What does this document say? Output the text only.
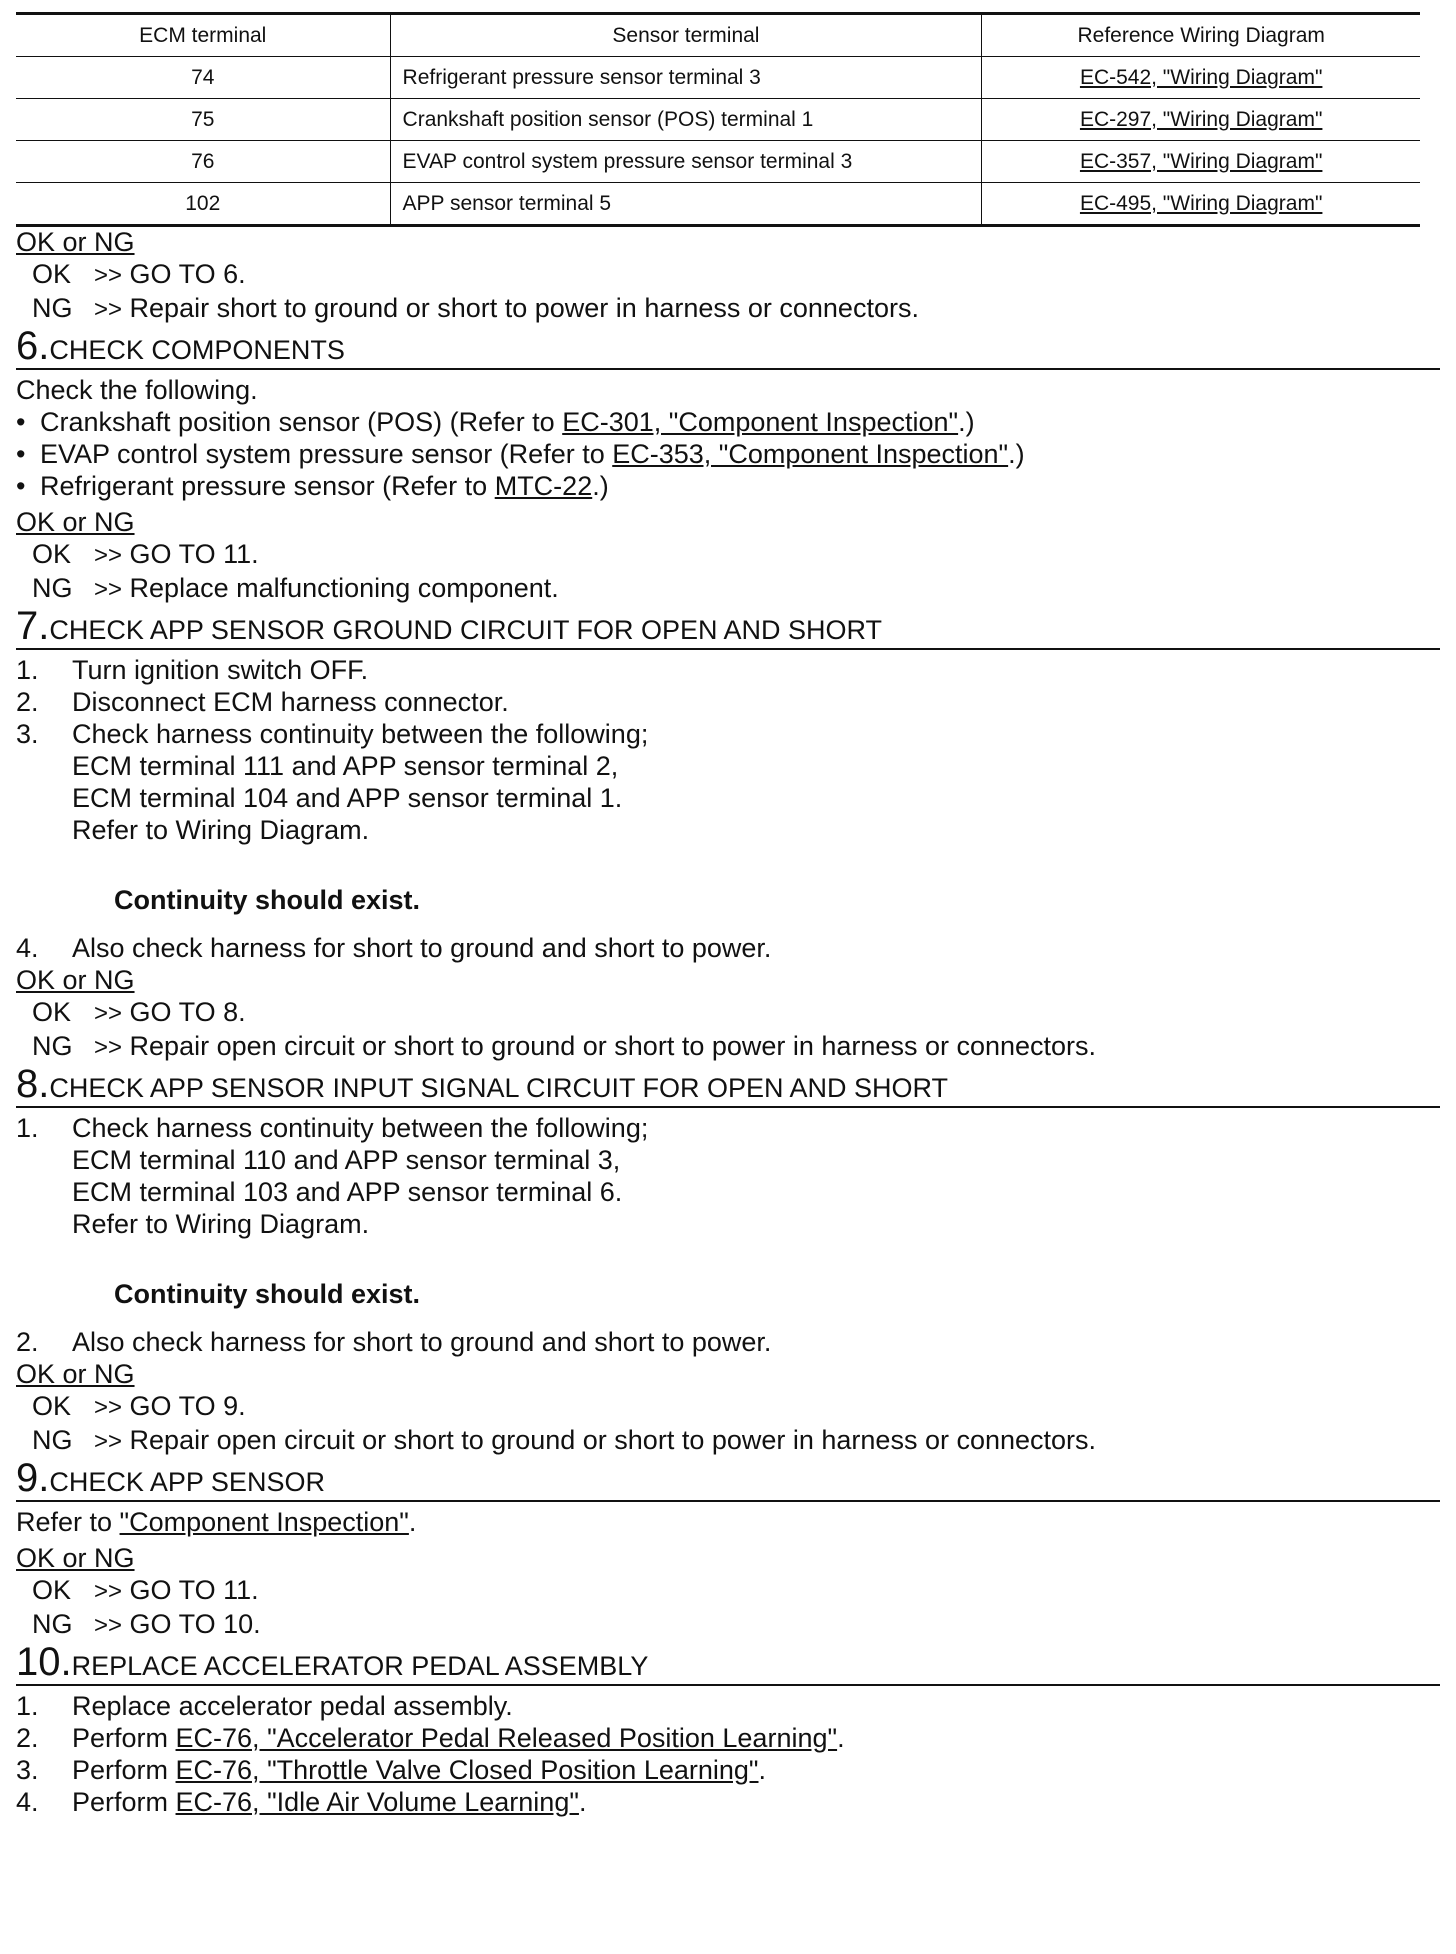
ECM terminal	Sensor terminal	Reference Wiring Diagram
74	Refrigerant pressure sensor terminal 3	EC-542, "Wiring Diagram"
75	Crankshaft position sensor (POS) terminal 1	EC-297, "Wiring Diagram"
76	EVAP control system pressure sensor terminal 3	EC-357, "Wiring Diagram"
102	APP sensor terminal 5	EC-495, "Wiring Diagram"
OK or NG
OK >> GO TO 6.
NG >> Repair short to ground or short to power in harness or connectors.
6.CHECK COMPONENTS
Check the following.
• Crankshaft position sensor (POS) (Refer to EC-301, "Component Inspection".)
• EVAP control system pressure sensor (Refer to EC-353, "Component Inspection".)
• Refrigerant pressure sensor (Refer to MTC-22.)
OK or NG
OK >> GO TO 11.
NG >> Replace malfunctioning component.
7.CHECK APP SENSOR GROUND CIRCUIT FOR OPEN AND SHORT
1.	Turn ignition switch OFF.
2.	Disconnect ECM harness connector.
3.	Check harness continuity between the following;
ECM terminal 111 and APP sensor terminal 2,
ECM terminal 104 and APP sensor terminal 1.
Refer to Wiring Diagram.
Continuity should exist.
4.	Also check harness for short to ground and short to power.
OK or NG
OK >> GO TO 8.
NG >> Repair open circuit or short to ground or short to power in harness or connectors.
8.CHECK APP SENSOR INPUT SIGNAL CIRCUIT FOR OPEN AND SHORT
1.	Check harness continuity between the following;
ECM terminal 110 and APP sensor terminal 3,
ECM terminal 103 and APP sensor terminal 6.
Refer to Wiring Diagram.
Continuity should exist.
2.	Also check harness for short to ground and short to power.
OK or NG
OK >> GO TO 9.
NG >> Repair open circuit or short to ground or short to power in harness or connectors.
9.CHECK APP SENSOR
Refer to "Component Inspection".
OK or NG
OK >> GO TO 11.
NG >> GO TO 10.
10.REPLACE ACCELERATOR PEDAL ASSEMBLY
1.	Replace accelerator pedal assembly.
2.	Perform EC-76, "Accelerator Pedal Released Position Learning".
3.	Perform EC-76, "Throttle Valve Closed Position Learning".
4.	Perform EC-76, "Idle Air Volume Learning".
